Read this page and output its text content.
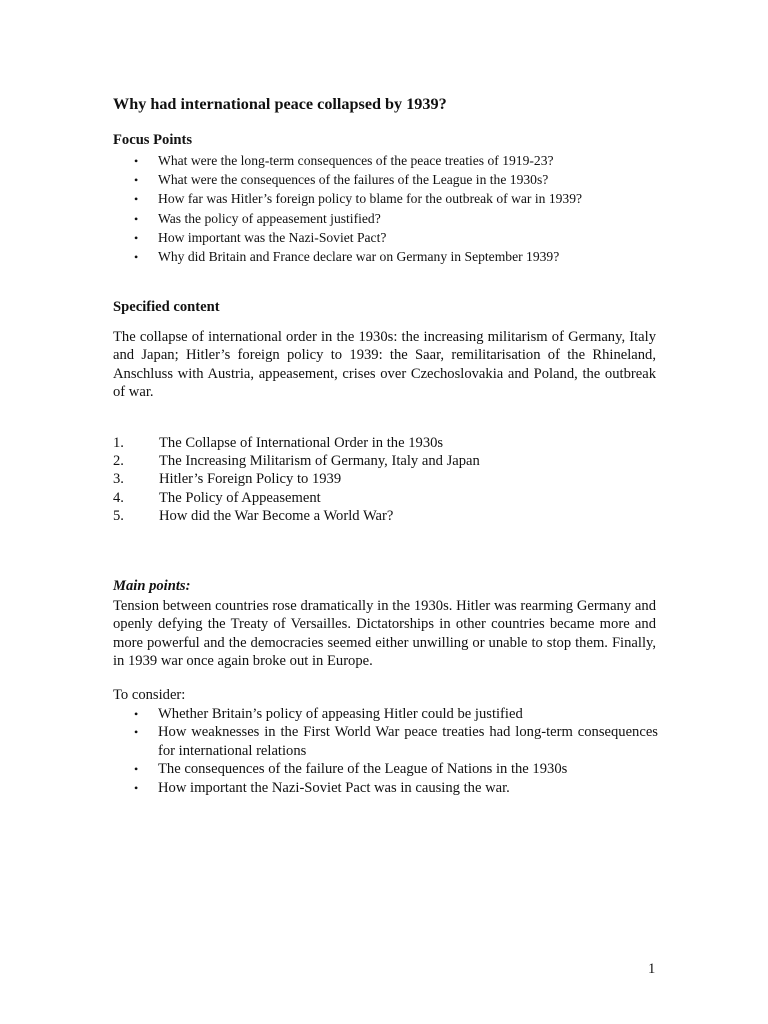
Why had international peace collapsed by 1939?
Focus Points
• What were the long-term consequences of the peace treaties of 1919-23?
• What were the consequences of the failures of the League in the 1930s?
• How far was Hitler’s foreign policy to blame for the outbreak of war in 1939?
• Was the policy of appeasement justified?
• How important was the Nazi-Soviet Pact?
• Why did Britain and France declare war on Germany in September 1939?
Specified content

The collapse of international order in the 1930s: the increasing militarism of Germany, Italy and Japan; Hitler’s foreign policy to 1939: the Saar, remilitarisation of the Rhineland, Anschluss with Austria, appeasement, crises over Czechoslovakia and Poland, the outbreak of war.

1. The Collapse of International Order in the 1930s
2. The Increasing Militarism of Germany, Italy and Japan
3. Hitler’s Foreign Policy to 1939
4. The Policy of Appeasement
5. How did the War Become a World War?
Main points:

Tension between countries rose dramatically in the 1930s. Hitler was rearming Germany and openly defying the Treaty of Versailles. Dictatorships in other countries became more and more powerful and the democracies seemed either unwilling or unable to stop them. Finally, in 1939 war once again broke out in Europe.

To consider:
• Whether Britain’s policy of appeasing Hitler could be justified
• How weaknesses in the First World War peace treaties had long-term consequences for international relations
• The consequences of the failure of the League of Nations in the 1930s
• How important the Nazi-Soviet Pact was in causing the war.
1
